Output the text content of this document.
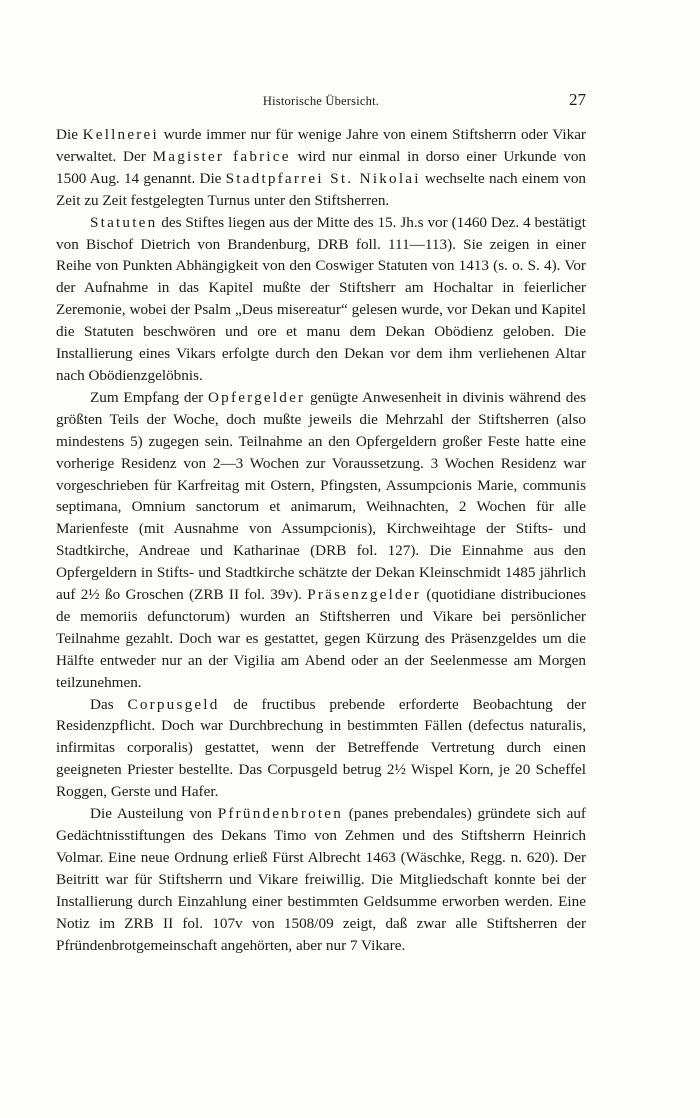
Historische Übersicht.	27

Die Kellnerei wurde immer nur für wenige Jahre von einem Stiftsherrn oder Vikar verwaltet. Der Magister fabrice wird nur einmal in dorso einer Urkunde von 1500 Aug. 14 genannt. Die Stadtpfarrei St. Nikolai wechselte nach einem von Zeit zu Zeit festgelegten Turnus unter den Stiftsherren.

Statuten des Stiftes liegen aus der Mitte des 15. Jh.s vor (1460 Dez. 4 bestätigt von Bischof Dietrich von Brandenburg, DRB foll. 111—113). Sie zeigen in einer Reihe von Punkten Abhängigkeit von den Coswiger Statuten von 1413 (s. o. S. 4). Vor der Aufnahme in das Kapitel mußte der Stiftsherr am Hochaltar in feierlicher Zeremonie, wobei der Psalm „Deus misereatur“ gelesen wurde, vor Dekan und Kapitel die Statuten beschwören und ore et manu dem Dekan Obödienz geloben. Die Installierung eines Vikars erfolgte durch den Dekan vor dem ihm verliehenen Altar nach Obödienzgelöbnis.

Zum Empfang der Opfergelder genügte Anwesenheit in divinis während des größten Teils der Woche, doch mußte jeweils die Mehrzahl der Stiftsherren (also mindestens 5) zugegen sein. Teilnahme an den Opfergeldern großer Feste hatte eine vorherige Residenz von 2—3 Wochen zur Voraussetzung. 3 Wochen Residenz war vorgeschrieben für Karfreitag mit Ostern, Pfingsten, Assumpcionis Marie, communis septimana, Omnium sanctorum et animarum, Weihnachten, 2 Wochen für alle Marienfeste (mit Ausnahme von Assumpcionis), Kirchweihtage der Stifts- und Stadtkirche, Andreae und Katharinae (DRB fol. 127). Die Einnahme aus den Opfergeldern in Stifts- und Stadtkirche schätzte der Dekan Kleinschmidt 1485 jährlich auf 2½ ßo Groschen (ZRB II fol. 39v). Präsenzgelder (quotidiane distribuciones de memoriis defunctorum) wurden an Stiftsherren und Vikare bei persönlicher Teilnahme gezahlt. Doch war es gestattet, gegen Kürzung des Präsenzgeldes um die Hälfte entweder nur an der Vigilia am Abend oder an der Seelenmesse am Morgen teilzunehmen.

Das Corpusgeld de fructibus prebende erforderte Beobachtung der Residenzpflicht. Doch war Durchbrechung in bestimmten Fällen (defectus naturalis, infirmitas corporalis) gestattet, wenn der Betreffende Vertretung durch einen geeigneten Priester bestellte. Das Corpusgeld betrug 2½ Wispel Korn, je 20 Scheffel Roggen, Gerste und Hafer.

Die Austeilung von Pfründenbroten (panes prebendales) gründete sich auf Gedächtnisstiftungen des Dekans Timo von Zehmen und des Stiftsherrn Heinrich Volmar. Eine neue Ordnung erließ Fürst Albrecht 1463 (Wäschke, Regg. n. 620). Der Beitritt war für Stiftsherrn und Vikare freiwillig. Die Mitgliedschaft konnte bei der Installierung durch Einzahlung einer bestimmten Geldsumme erworben werden. Eine Notiz im ZRB II fol. 107v von 1508/09 zeigt, daß zwar alle Stiftsherren der Pfründenbrotgemeinschaft angehörten, aber nur 7 Vikare.
